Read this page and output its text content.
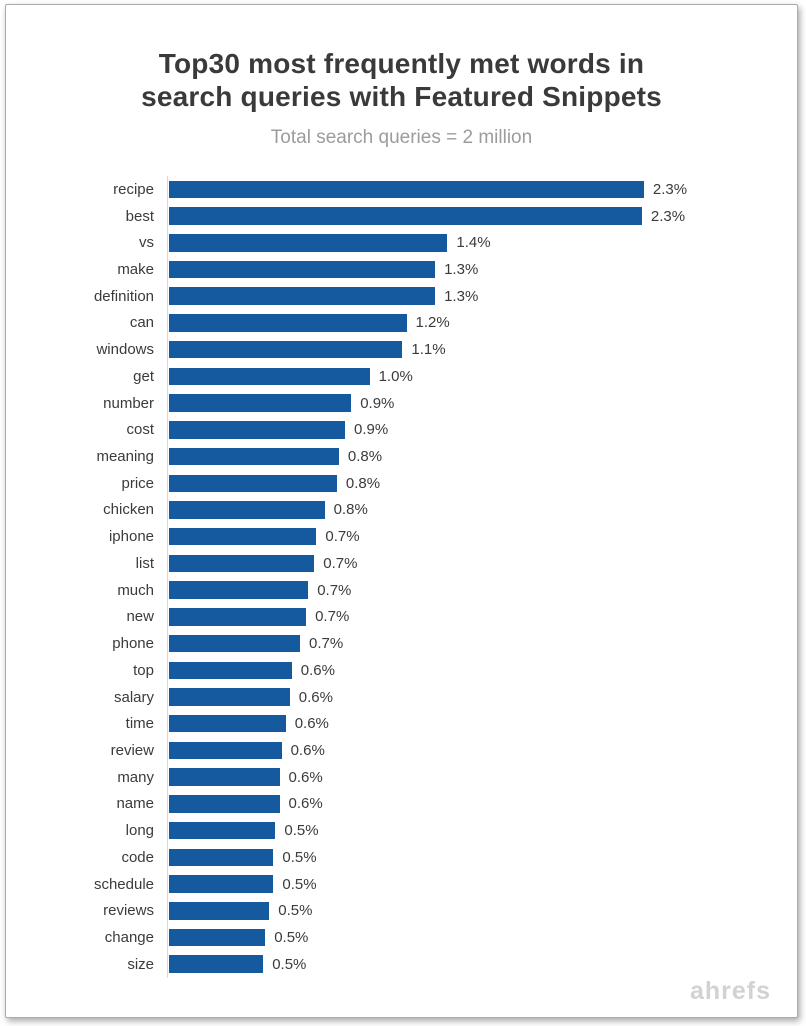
Top30 most frequently met words in
search queries with Featured Snippets
Total search queries = 2 million
recipe	2.3%
best	2.3%
vs	1.4%
make	1.3%
definition	1.3%
can	1.2%
windows	1.1%
get	1.0%
number	0.9%
cost	0.9%
meaning	0.8%
price	0.8%
chicken	0.8%
iphone	0.7%
list	0.7%
much	0.7%
new	0.7%
phone	0.7%
top	0.6%
salary	0.6%
time	0.6%
review	0.6%
many	0.6%
name	0.6%
long	0.5%
code	0.5%
schedule	0.5%
reviews	0.5%
change	0.5%
size	0.5%
ahrefs
